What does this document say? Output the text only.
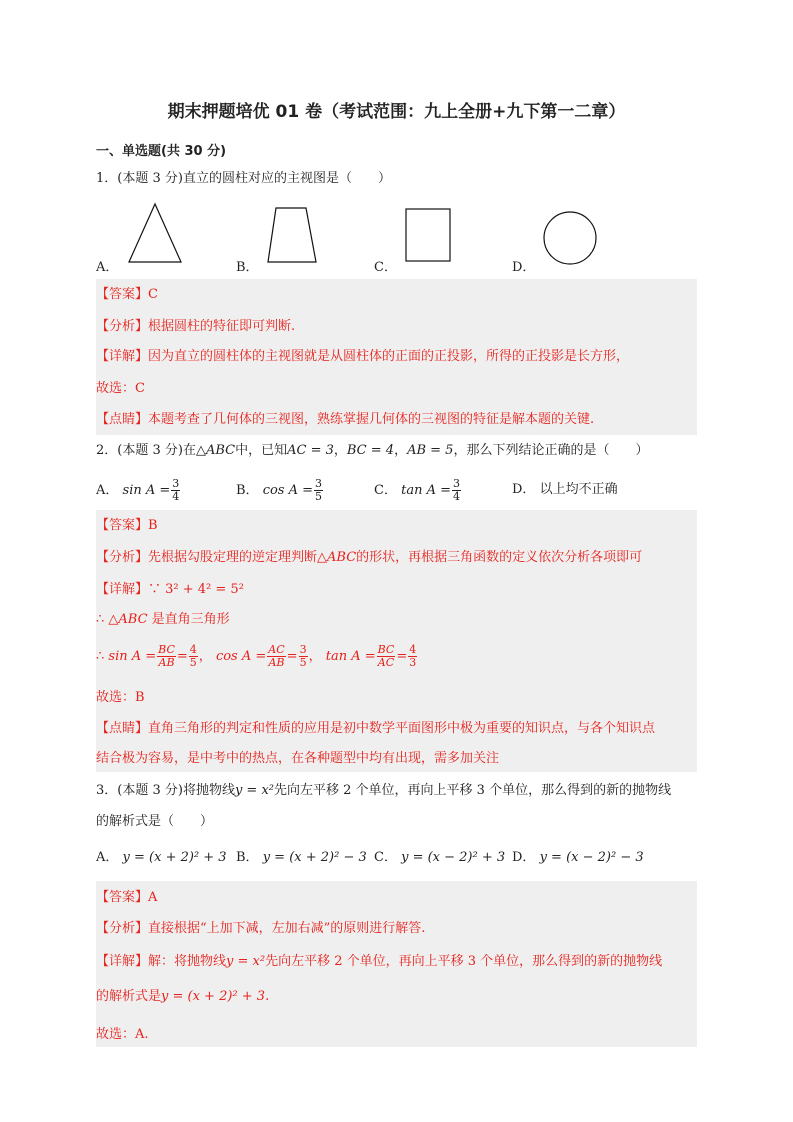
期末押题培优 01 卷（考试范围：九上全册+九下第一二章）
一、单选题(共 30 分)
1．(本题 3 分)直立的圆柱对应的主视图是（　　）
A．	B．	C．	D．
【答案】C
【分析】根据圆柱的特征即可判断.
【详解】因为直立的圆柱体的主视图就是从圆柱体的正面的正投影，所得的正投影是长方形，
故选：C
【点睛】本题考查了几何体的三视图，熟练掌握几何体的三视图的特征是解本题的关键.
2．(本题 3 分)在△ABC中，已知AC = 3，BC = 4，AB = 5，那么下列结论正确的是（　　）
A． $\sin A = \frac{3}{4}$	B． $\cos A = \frac{3}{5}$	C． $\tan A = \frac{3}{4}$	D． 以上均不正确
【答案】B
【分析】先根据勾股定理的逆定理判断△ABC的形状，再根据三角函数的定义依次分析各项即可
【详解】∵ 3² + 4² = 5²
∴ △ABC 是直角三角形
∴ $\sin A = \frac{BC}{AB} = \frac{4}{5}$ ， $\cos A = \frac{AC}{AB} = \frac{3}{5}$ ， $\tan A = \frac{BC}{AC} = \frac{4}{3}$
故选：B
【点睛】直角三角形的判定和性质的应用是初中数学平面图形中极为重要的知识点，与各个知识点
结合极为容易，是中考中的热点，在各种题型中均有出现，需多加关注
3．(本题 3 分)将抛物线y = x²先向左平移 2 个单位，再向上平移 3 个单位，那么得到的新的抛物线
的解析式是（　　）
A． y = (x + 2)² + 3 B． y = (x + 2)² − 3 C． y = (x − 2)² + 3 D． y = (x − 2)² − 3
【答案】A
【分析】直接根据“上加下减，左加右减”的原则进行解答.
【详解】解：将抛物线y = x²先向左平移 2 个单位，再向上平移 3 个单位，那么得到的新的抛物线
的解析式是y = (x + 2)² + 3.
故选：A.
